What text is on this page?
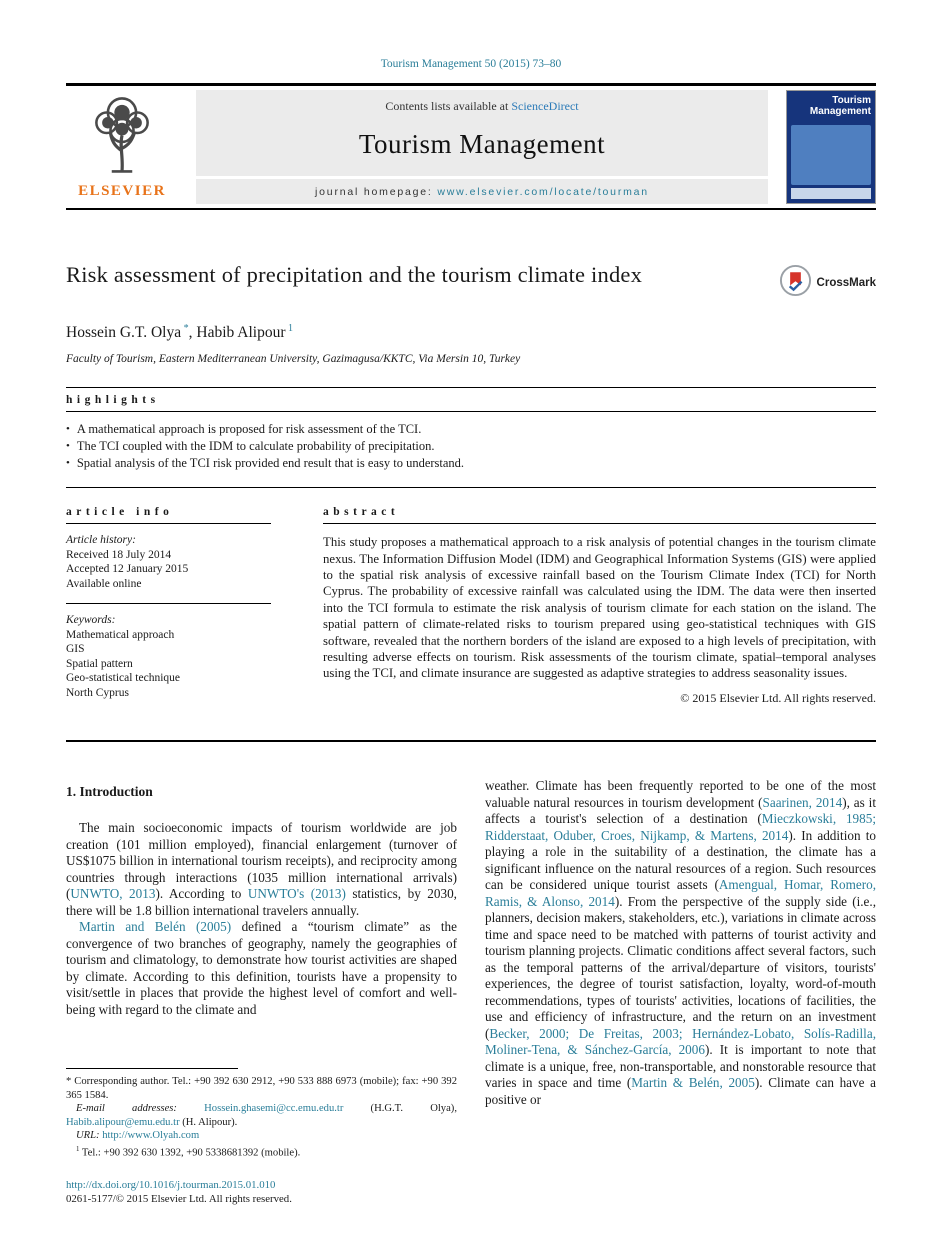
Tourism Management 50 (2015) 73–80
ELSEVIER
Contents lists available at ScienceDirect
Tourism Management
journal homepage: www.elsevier.com/locate/tourman
Tourism Management
Risk assessment of precipitation and the tourism climate index	CrossMark
Hossein G.T. Olya *, Habib Alipour $^1$
Faculty of Tourism, Eastern Mediterranean University, Gazimagusa/KKTC, Via Mersin 10, Turkey
highlights
• A mathematical approach is proposed for risk assessment of the TCI.
• The TCI coupled with the IDM to calculate probability of precipitation.
• Spatial analysis of the TCI risk provided end result that is easy to understand.
article info
Article history:
Received 18 July 2014
Accepted 12 January 2015
Available online
Keywords:
Mathematical approach
GIS
Spatial pattern
Geo-statistical technique
North Cyprus
abstract
This study proposes a mathematical approach to a risk analysis of potential changes in the tourism climate nexus. The Information Diffusion Model (IDM) and Geographical Information Systems (GIS) were applied to the spatial risk analysis of excessive rainfall based on the Tourism Climate Index (TCI) for North Cyprus. The probability of excessive rainfall was calculated using the IDM. The data were then inserted into the TCI formula to estimate the risk analysis of tourism climate for each station on the island. The spatial pattern of climate-related risks to tourism prepared using geo-statistical techniques with GIS software, revealed that the northern borders of the island are exposed to a high levels of precipitation, with resulting adverse effects on tourism. Risk assessments of the tourism climate, spatial–temporal analyses using the TCI, and climate insurance are suggested as adaptive strategies to address seasonality issues.
© 2015 Elsevier Ltd. All rights reserved.
1. Introduction

The main socioeconomic impacts of tourism worldwide are job creation (101 million employed), financial enlargement (turnover of US$1075 billion in international tourism receipts), and reciprocity among countries through interactions (1035 million international arrivals) (UNWTO, 2013). According to UNWTO's (2013) statistics, by 2030, there will be 1.8 billion international travelers annually.

Martin and Belén (2005) defined a “tourism climate” as the convergence of two branches of geography, namely the geographies of tourism and climatology, to demonstrate how tourist activities are shaped by climate. According to this definition, tourists have a propensity to visit/settle in places that provide the highest level of comfort and well-being with regard to the climate and

* Corresponding author. Tel.: +90 392 630 2912, +90 533 888 6973 (mobile); fax: +90 392 365 1584.

E-mail addresses: Hossein.ghasemi@cc.emu.edu.tr (H.G.T. Olya), Habib.alipour@emu.edu.tr (H. Alipour).

URL: http://www.Olyah.com

$^1$ Tel.: +90 392 630 1392, +90 5338681392 (mobile).

weather. Climate has been frequently reported to be one of the most valuable natural resources in tourism development (Saarinen, 2014), as it affects a tourist's selection of a destination (Mieczkowski, 1985; Ridderstaat, Oduber, Croes, Nijkamp, & Martens, 2014). In addition to playing a role in the suitability of a destination, the climate has a significant influence on the natural resources of a region. Such resources can be considered unique tourist assets (Amengual, Homar, Romero, Ramis, & Alonso, 2014). From the perspective of the supply side (i.e., planners, decision makers, stakeholders, etc.), variations in climate across time and space need to be matched with patterns of tourist activity and tourism planning projects. Climatic conditions affect several factors, such as the temporal patterns of the arrival/departure of visitors, tourists' experiences, the degree of tourist satisfaction, loyalty, word-of-mouth recommendations, types of tourists' activities, locations of facilities, the use and efficiency of infrastructure, and the return on an investment (Becker, 2000; De Freitas, 2003; Hernández-Lobato, Solís-Radilla, Moliner-Tena, & Sánchez-García, 2006). It is important to note that climate is a unique, free, non-transportable, and nonstorable resource that varies in space and time (Martin & Belén, 2005). Climate can have a positive or

http://dx.doi.org/10.1016/j.tourman.2015.01.010
0261-5177/© 2015 Elsevier Ltd. All rights reserved.
